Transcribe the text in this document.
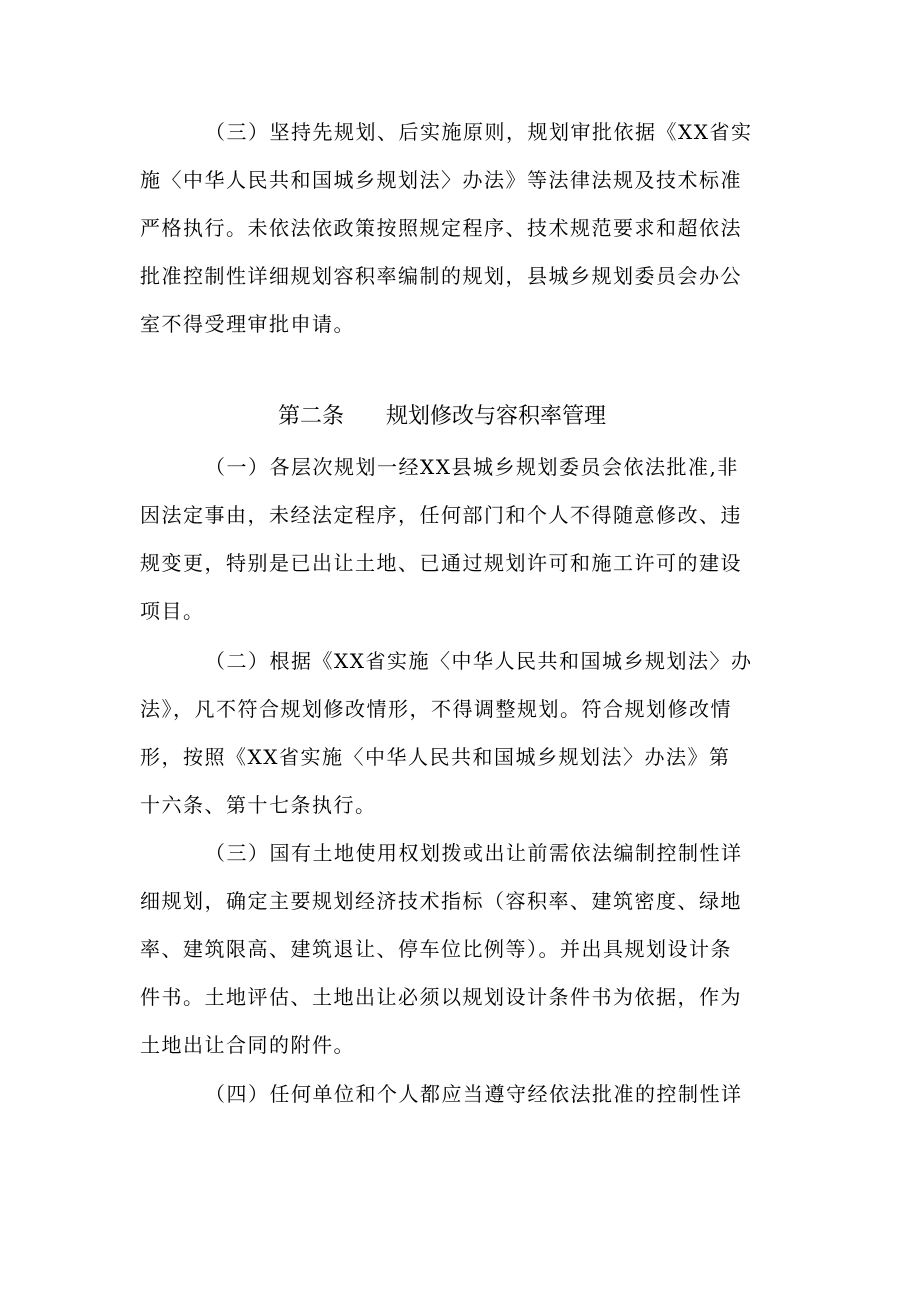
（三）坚持先规划、后实施原则，规划审批依据《XX省实
施〈中华人民共和国城乡规划法〉办法》等法律法规及技术标准
严格执行。未依法依政策按照规定程序、技术规范要求和超依法
批准控制性详细规划容积率编制的规划，县城乡规划委员会办公
室不得受理审批申请。
第二条 规划修改与容积率管理
（一）各层次规划一经XX县城乡规划委员会依法批准,非
因法定事由，未经法定程序，任何部门和个人不得随意修改、违
规变更，特别是已出让土地、已通过规划许可和施工许可的建设
项目。
（二）根据《XX省实施〈中华人民共和国城乡规划法〉办
法》，凡不符合规划修改情形，不得调整规划。符合规划修改情
形，按照《XX省实施〈中华人民共和国城乡规划法〉办法》第
十六条、第十七条执行。
（三）国有土地使用权划拨或出让前需依法编制控制性详
细规划，确定主要规划经济技术指标（容积率、建筑密度、绿地
率、建筑限高、建筑退让、停车位比例等）。并出具规划设计条
件书。土地评估、土地出让必须以规划设计条件书为依据，作为
土地出让合同的附件。
（四）任何单位和个人都应当遵守经依法批准的控制性详
